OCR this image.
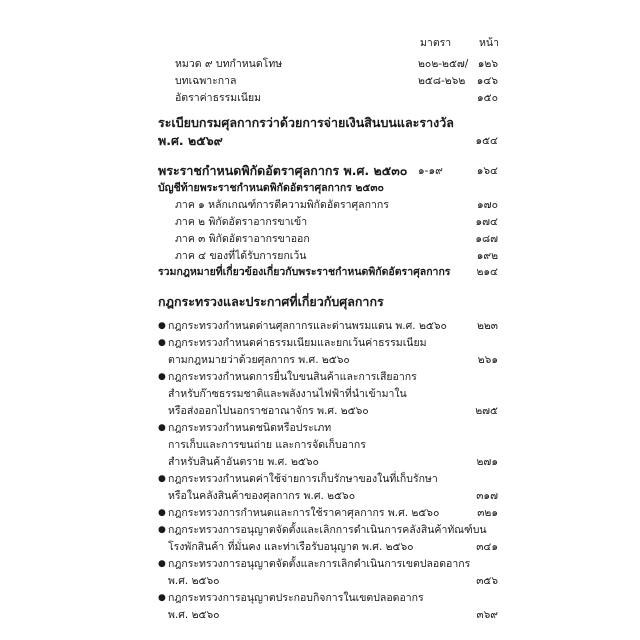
มาตรา	หน้า
หมวด ๙ บทกำหนดโทษ	๒๐๒-๒๕๗/ ๑๒๖
บทเฉพาะกาล	๒๕๘-๒๖๒ ๑๔๖
อัตราค่าธรรมเนียม	๑๕๐
ระเบียบกรมศุลกากรว่าด้วยการจ่ายเงินสินบนและรางวัล
พ.ศ. ๒๕๖๙	๑๕๔
พระราชกำหนดพิกัดอัตราศุลกากร พ.ศ. ๒๕๓๐ ๑-๑๙	๑๖๔
บัญชีท้ายพระราชกำหนดพิกัดอัตราศุลกากร ๒๕๓๐
ภาค ๑ หลักเกณฑ์การตีความพิกัดอัตราศุลกากร	๑๗๐
ภาค ๒ พิกัดอัตราอากรขาเข้า	๑๗๔
ภาค ๓ พิกัดอัตราอากรขาออก	๑๘๗
ภาค ๔ ของที่ได้รับการยกเว้น	๑๙๒
รวมกฎหมายที่เกี่ยวข้องเกี่ยวกับพระราชกำหนดพิกัดอัตราศุลกากร ๒๑๔
กฎกระทรวงและประกาศที่เกี่ยวกับศุลกากร
● กฎกระทรวงกำหนดด่านศุลกากรและด่านพรมแดน พ.ศ. ๒๕๖๐	๒๒๓
● กฎกระทรวงกำหนดค่าธรรมเนียมและยกเว้นค่าธรรมเนียม
ตามกฎหมายว่าด้วยศุลกากร พ.ศ. ๒๕๖๐	๒๖๑
● กฎกระทรวงกำหนดการยื่นใบขนสินค้าและการเสียอากร
สำหรับก๊าซธรรมชาติและพลังงานไฟฟ้าที่นำเข้ามาใน
หรือส่งออกไปนอกราชอาณาจักร พ.ศ. ๒๕๖๐	๒๗๕
● กฎกระทรวงกำหนดชนิดหรือประเภท
การเก็บและการขนถ่าย และการจัดเก็บอากร
สำหรับสินค้าอันตราย พ.ศ. ๒๕๖๐	๒๗๑
● กฎกระทรวงกำหนดค่าใช้จ่ายการเก็บรักษาของในที่เก็บรักษา
หรือในคลังสินค้าของศุลกากร พ.ศ. ๒๕๖๐	๓๑๗
● กฎกระทรวงการกำหนดและการใช้ราคาศุลกากร พ.ศ. ๒๕๖๐	๓๒๑
● กฎกระทรวงการอนุญาตจัดตั้งและเลิกการดำเนินการคลังสินค้าทัณฑ์บน
โรงพักสินค้า ที่มั่นคง และท่าเรือรับอนุญาต พ.ศ. ๒๕๖๐	๓๔๑
● กฎกระทรวงการอนุญาตจัดตั้งและการเลิกดำเนินการเขตปลอดอากร
พ.ศ. ๒๕๖๐	๓๕๖
● กฎกระทรวงการอนุญาตประกอบกิจการในเขตปลอดอากร
พ.ศ. ๒๕๖๐	๓๖๙
